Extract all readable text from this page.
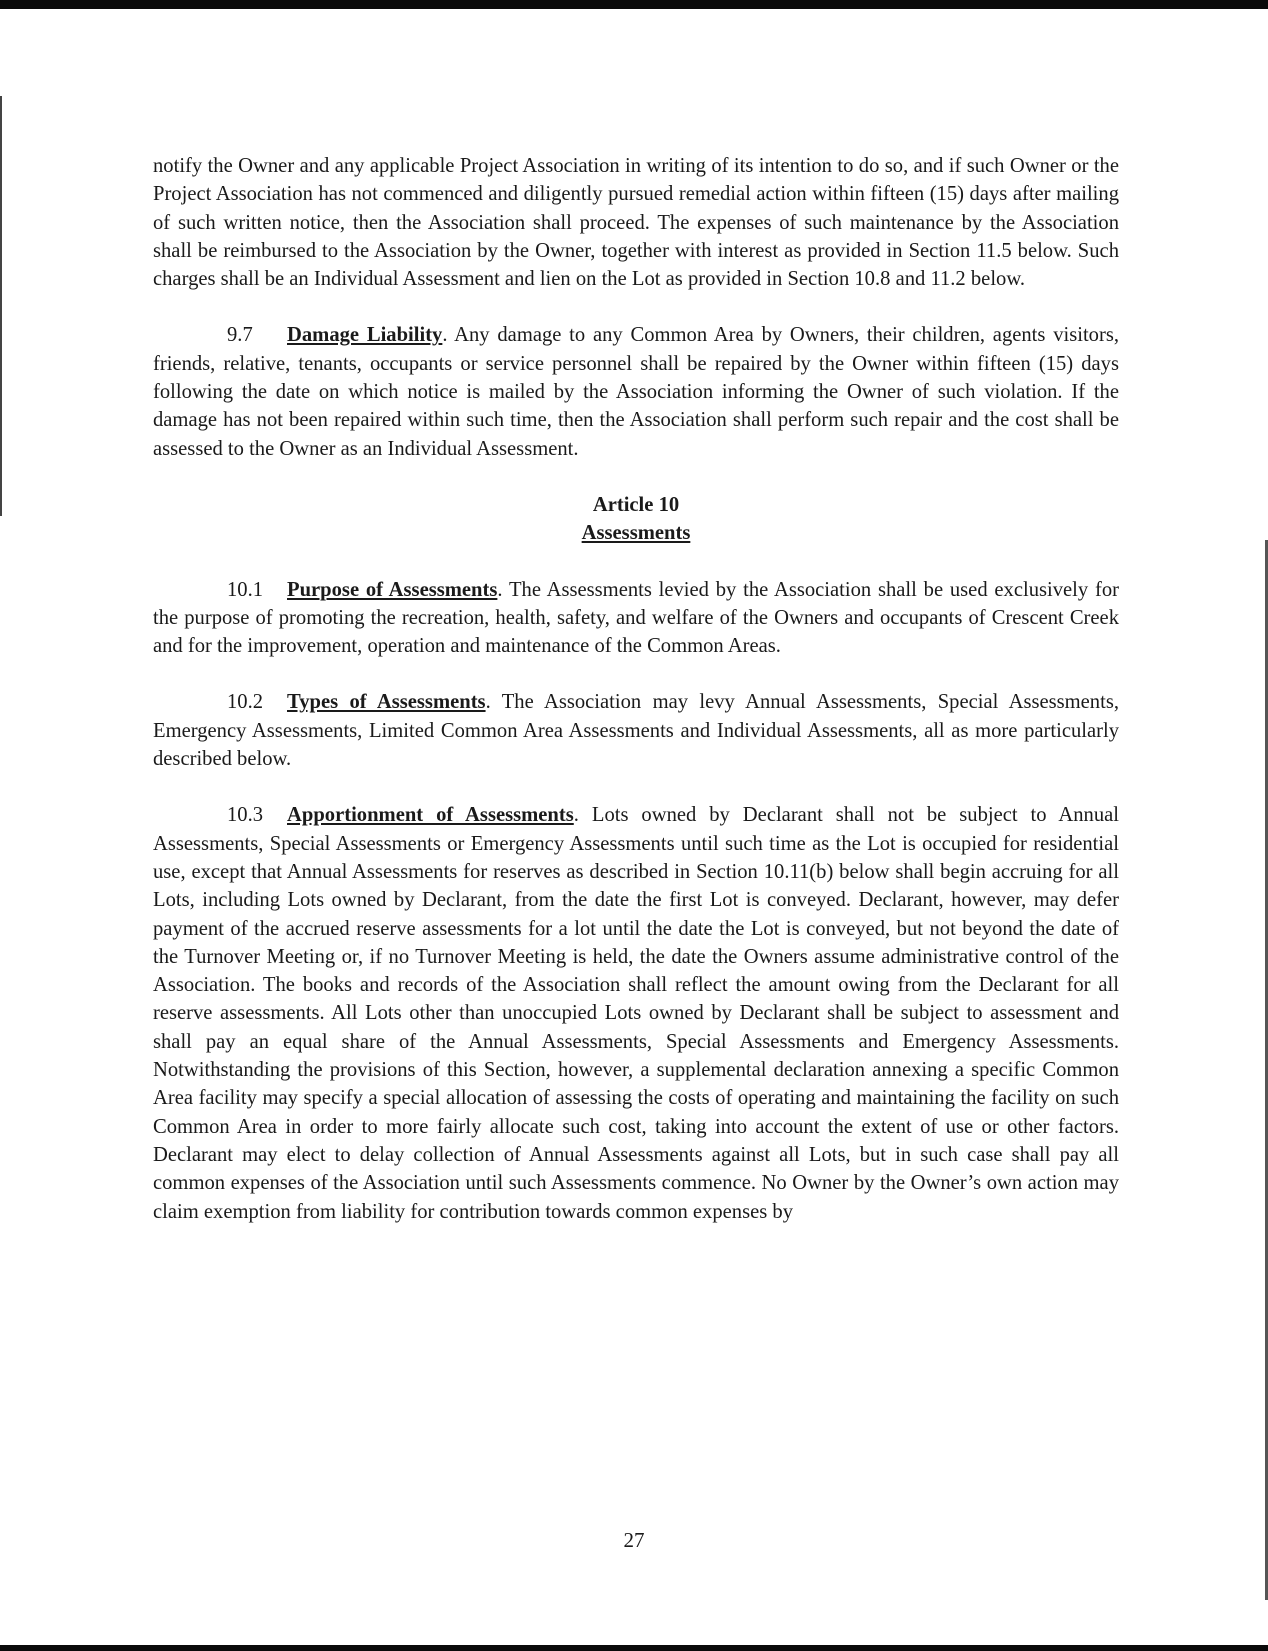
notify the Owner and any applicable Project Association in writing of its intention to do so, and if such Owner or the Project Association has not commenced and diligently pursued remedial action within fifteen (15) days after mailing of such written notice, then the Association shall proceed. The expenses of such maintenance by the Association shall be reimbursed to the Association by the Owner, together with interest as provided in Section 11.5 below. Such charges shall be an Individual Assessment and lien on the Lot as provided in Section 10.8 and 11.2 below.

9.7 Damage Liability. Any damage to any Common Area by Owners, their children, agents visitors, friends, relative, tenants, occupants or service personnel shall be repaired by the Owner within fifteen (15) days following the date on which notice is mailed by the Association informing the Owner of such violation. If the damage has not been repaired within such time, then the Association shall perform such repair and the cost shall be assessed to the Owner as an Individual Assessment.

Article 10
Assessments

10.1 Purpose of Assessments. The Assessments levied by the Association shall be used exclusively for the purpose of promoting the recreation, health, safety, and welfare of the Owners and occupants of Crescent Creek and for the improvement, operation and maintenance of the Common Areas.

10.2 Types of Assessments. The Association may levy Annual Assessments, Special Assessments, Emergency Assessments, Limited Common Area Assessments and Individual Assessments, all as more particularly described below.

10.3 Apportionment of Assessments. Lots owned by Declarant shall not be subject to Annual Assessments, Special Assessments or Emergency Assessments until such time as the Lot is occupied for residential use, except that Annual Assessments for reserves as described in Section 10.11(b) below shall begin accruing for all Lots, including Lots owned by Declarant, from the date the first Lot is conveyed. Declarant, however, may defer payment of the accrued reserve assessments for a lot until the date the Lot is conveyed, but not beyond the date of the Turnover Meeting or, if no Turnover Meeting is held, the date the Owners assume administrative control of the Association. The books and records of the Association shall reflect the amount owing from the Declarant for all reserve assessments. All Lots other than unoccupied Lots owned by Declarant shall be subject to assessment and shall pay an equal share of the Annual Assessments, Special Assessments and Emergency Assessments. Notwithstanding the provisions of this Section, however, a supplemental declaration annexing a specific Common Area facility may specify a special allocation of assessing the costs of operating and maintaining the facility on such Common Area in order to more fairly allocate such cost, taking into account the extent of use or other factors. Declarant may elect to delay collection of Annual Assessments against all Lots, but in such case shall pay all common expenses of the Association until such Assessments commence. No Owner by the Owner’s own action may claim exemption from liability for contribution towards common expenses by

27
